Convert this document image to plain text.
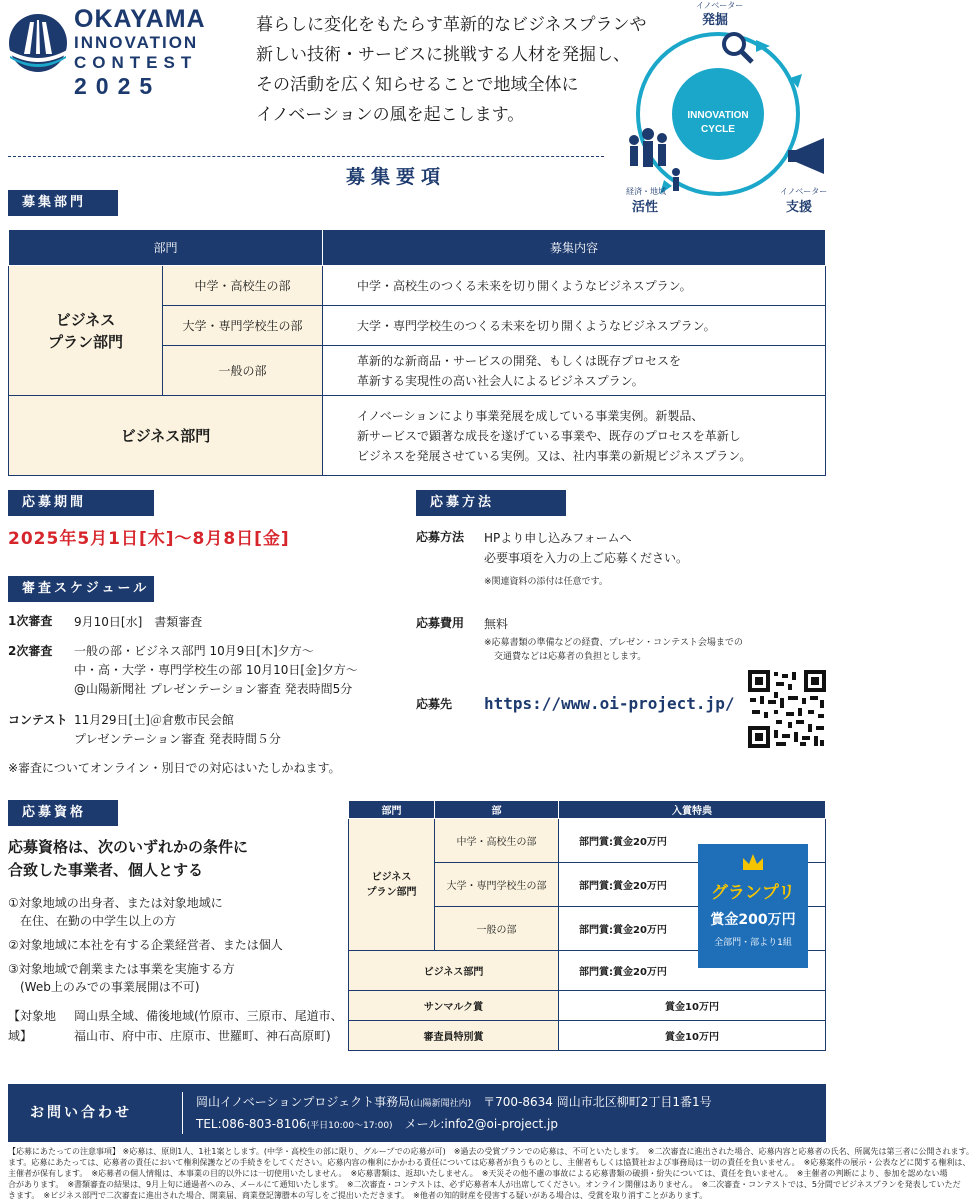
OKAYAMA
INNOVATION
CONTEST
2025
暮らしに変化をもたらす革新的なビジネスプランや
新しい技術・サービスに挑戦する人材を発掘し、
その活動を広く知らせることで地域全体に
イノベーションの風を起こします。
イノベーター
発掘
INNOVATION
CYCLE
イノベーター
支援
経済・地域
活性
募集要項
募集部門
部門		募集内容

ビジネス
プラン部門	中学・高校生の部	中学・高校生のつくる未来を切り開くようなビジネスプラン。
	大学・専門学校生の部	大学・専門学校生のつくる未来を切り開くようなビジネスプラン。
	一般の部	革新的な新商品・サービスの開発、もしくは既存プロセスを
革新する実現性の高い社会人によるビジネスプラン。

ビジネス部門		イノベーションにより事業発展を成している事業実例。新製品、
新サービスで顕著な成長を遂げている事業や、既存のプロセスを革新し
ビジネスを発展させている実例。又は、社内事業の新規ビジネスプラン。
応募期間
2025年5月1日[木]～8月8日[金]
審査スケジュール
1次審査	9月10日[水]　書類審査
2次審査	一般の部・ビジネス部門 10月9日[木]夕方～
中・高・大学・専門学校生の部 10月10日[金]夕方～
@山陽新聞社 プレゼンテーション審査 発表時間5分
コンテスト 11月29日[土]＠倉敷市民会館
プレゼンテーション審査 発表時間５分
※審査についてオンライン・別日での対応はいたしかねます。
応募方法
応募方法	HPより申し込みフォームへ
必要事項を入力の上ご応募ください。
※関連資料の添付は任意です。
応募費用	無料
※応募書類の準備などの経費、プレゼン・コンテスト会場までの
交通費などは応募者の負担とします。
応募先	https://www.oi-project.jp/
応募資格
応募資格は、次のいずれかの条件に
合致した事業者、個人とする
①対象地域の出身者、または対象地域に
　在住、在勤の中学生以上の方
②対象地域に本社を有する企業経営者、または個人
③対象地域で創業または事業を実施する方
　(Web上のみでの事業展開は不可)
【対象地域】
岡山県全域、備後地域(竹原市、三原市、尾道市、
福山市、府中市、庄原市、世羅町、神石高原町)
部門	部	入賞特典

ビジネス
プラン部門	中学・高校生の部	部門賞:賞金20万円
	大学・専門学校生の部	部門賞:賞金20万円
	一般の部	部門賞:賞金20万円
ビジネス部門		部門賞:賞金20万円
サンマルク賞		賞金10万円
審査員特別賞		賞金10万円
グランプリ
賞金200万円
全部門・部より1組
お問い合わせ
岡山イノベーションプロジェクト事務局(山陽新聞社内)　 〒700-8634 岡山市北区柳町2丁目1番1号
TEL:086-803-8106(平日10:00～17:00)　 メール:info2@oi-project.jp
【応募にあたっての注意事項】 ※応募は、原則1人、1社1案とします。(中学・高校生の部に限り、グループでの応募が可)　※過去の受賞プランでの応募は、不可といたします。　※二次審査に進出された場合、応募内容と応募者の氏名、所属先は第三者に公開されます。
ます。応募にあたっては、応募者の責任において権利保護などの手続きをしてください。応募内容の権利にかかわる責任については応募者が負うものとし、主催者もしくは協賛社および事務局は一切の責任を負いません。　※応募案件の展示・公表などに関する権利は、
主催者が保有します。　※応募者の個人情報は、本事業の目的以外には一切使用いたしません。　※応募書類は、返却いたしません。　※天災その他不慮の事故による応募書類の破損・紛失については、責任を負いません。　※主催者の判断により、参加を認めない場
合があります。　※書類審査の結果は、9月上旬に通過者へのみ、メールにて通知いたします。　※二次審査・コンテストは、必ず応募者本人が出席してください。オンライン開催はありません。　※二次審査・コンテストでは、5分間でビジネスプランを発表していただ
きます。　※ビジネス部門で二次審査に進出された場合、開業届、商業登記簿謄本の写しをご提出いただきます。　※他者の知的財産を侵害する疑いがある場合は、受賞を取り消すことがあります。
